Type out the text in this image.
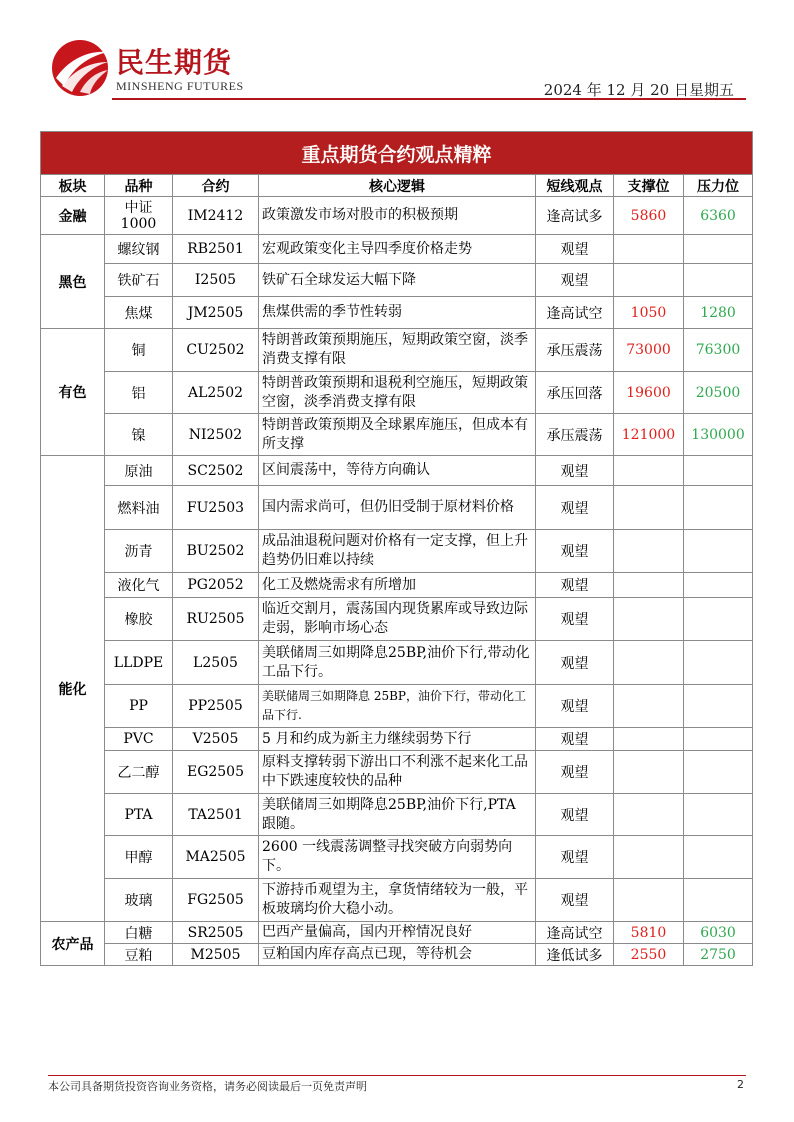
民生期货
MINSHENG FUTURES	2024 年 12 月 20 日星期五
重点期货合约观点精粹						
板块	品种	合约	核心逻辑	短线观点	支撑位	压力位
金融	中证1000	IM2412	政策激发市场对股市的积极预期	逢高试多	5860	6360
黑色	螺纹钢	RB2501	宏观政策变化主导四季度价格走势	观望		
	铁矿石	I2505	铁矿石全球发运大幅下降	观望		
	焦煤	JM2505	焦煤供需的季节性转弱	逢高试空	1050	1280
有色	铜	CU2502	特朗普政策预期施压，短期政策空窗，淡季消费支撑有限	承压震荡	73000	76300
	铝	AL2502	特朗普政策预期和退税利空施压，短期政策空窗，淡季消费支撑有限	承压回落	19600	20500
	镍	NI2502	特朗普政策预期及全球累库施压，但成本有所支撑	承压震荡	121000	130000
能化	原油	SC2502	区间震荡中，等待方向确认	观望		
	燃料油	FU2503	国内需求尚可，但仍旧受制于原材料价格	观望		
	沥青	BU2502	成品油退税问题对价格有一定支撑，但上升趋势仍旧难以持续	观望		
	液化气	PG2052	化工及燃烧需求有所增加	观望		
	橡胶	RU2505	临近交割月，震荡国内现货累库或导致边际走弱，影响市场心态	观望		
	LLDPE	L2505	美联储周三如期降息25BP,油价下行,带动化工品下行。	观望		
	PP	PP2505	美联储周三如期降息 25BP，油价下行，带动化工品下行.	观望		
	PVC	V2505	5 月和约成为新主力继续弱势下行	观望		
	乙二醇	EG2505	原料支撑转弱下游出口不利涨不起来化工品中下跌速度较快的品种	观望		
	PTA	TA2501	美联储周三如期降息25BP,油价下行,PTA 跟随。	观望		
	甲醇	MA2505	2600 一线震荡调整寻找突破方向弱势向下。	观望		
	玻璃	FG2505	下游持币观望为主，拿货情绪较为一般，平板玻璃均价大稳小动。	观望		
农产品	白糖	SR2505	巴西产量偏高，国内开榨情况良好	逢高试空	5810	6030
	豆粕	M2505	豆粕国内库存高点已现，等待机会	逢低试多	2550	2750
本公司具备期货投资咨询业务资格，请务必阅读最后一页免责声明	2
